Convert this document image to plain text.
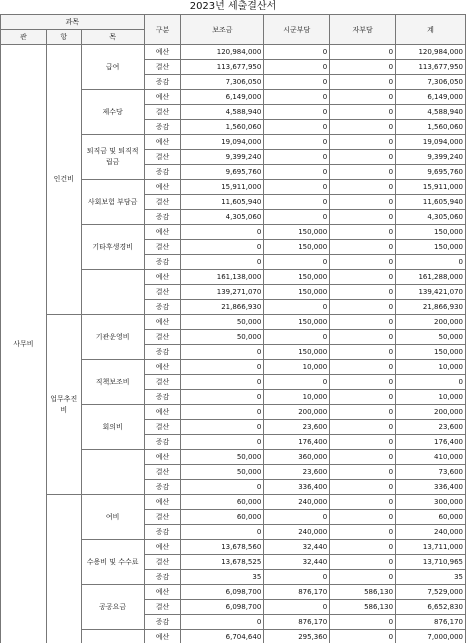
2023년 세출결산서
과목			구분	보조금	시군부담	자부담	계
관	항	목					
사무비	인건비	급여	예산	120,984,000	0	0	120,984,000
			결산	113,677,950	0	0	113,677,950
			증감	7,306,050	0	0	7,306,050
		제수당	예산	6,149,000	0	0	6,149,000
			결산	4,588,940	0	0	4,588,940
			증감	1,560,060	0	0	1,560,060
		퇴직금 및 퇴직적립금	예산	19,094,000	0	0	19,094,000
			결산	9,399,240	0	0	9,399,240
			증감	9,695,760	0	0	9,695,760
		사회보험 부담금	예산	15,911,000	0	0	15,911,000
			결산	11,605,940	0	0	11,605,940
			증감	4,305,060	0	0	4,305,060
		기타후생경비	예산	0	150,000	0	150,000
			결산	0	150,000	0	150,000
			증감	0	0	0	0
			예산	161,138,000	150,000	0	161,288,000
			결산	139,271,070	150,000	0	139,421,070
			증감	21,866,930	0	0	21,866,930
	업무추진비	기관운영비	예산	50,000	150,000	0	200,000
			결산	50,000	0	0	50,000
			증감	0	150,000	0	150,000
		직책보조비	예산	0	10,000	0	10,000
			결산	0	0	0	0
			증감	0	10,000	0	10,000
		회의비	예산	0	200,000	0	200,000
			결산	0	23,600	0	23,600
			증감	0	176,400	0	176,400
			예산	50,000	360,000	0	410,000
			결산	50,000	23,600	0	73,600
			증감	0	336,400	0	336,400
		여비	예산	60,000	240,000	0	300,000
			결산	60,000	0	0	60,000
			증감	0	240,000	0	240,000
		수용비 및 수수료	예산	13,678,560	32,440	0	13,711,000
			결산	13,678,525	32,440	0	13,710,965
			증감	35	0	0	35
		공공요금	예산	6,098,700	876,170	586,130	7,529,000
			결산	6,098,700	0	586,130	6,652,830
			증감	0	876,170	0	876,170
			예산	6,704,640	295,360	0	7,000,000
